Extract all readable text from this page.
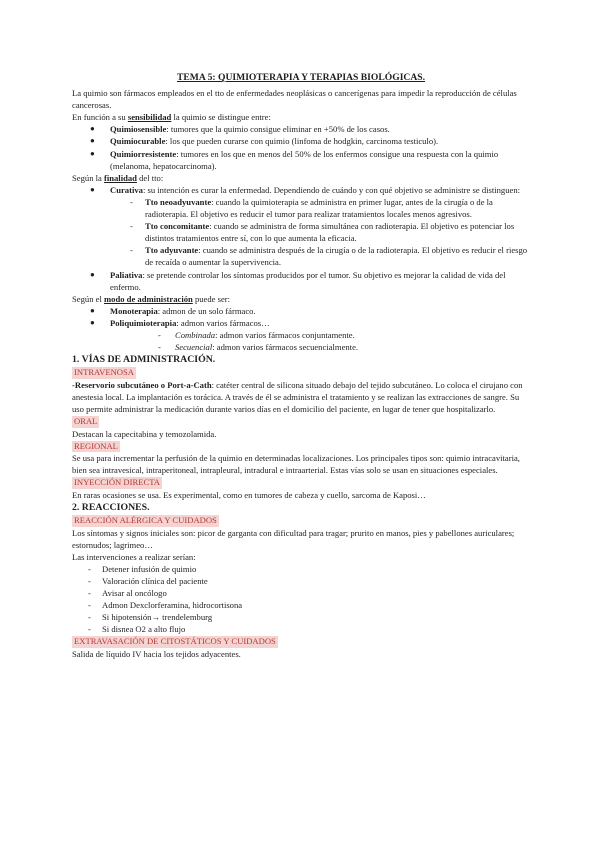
TEMA 5: QUIMIOTERAPIA Y TERAPIAS BIOLÓGICAS.

La quimio son fármacos empleados en el tto de enfermedades neoplásicas o cancerígenas para impedir la reproducción de células cancerosas.

En función a su sensibilidad la quimio se distingue entre:

● Quimiosensible: tumores que la quimio consigue eliminar en +50% de los casos.
● Quimiocurable: los que pueden curarse con quimio (linfoma de hodgkin, carcinoma testiculo).
● Quimiorresistente: tumores en los que en menos del 50% de los enfermos consigue una respuesta con la quimio (melanoma, hepatocarcinoma).

Según la finalidad del tto:

● Curativa: su intención es curar la enfermedad. Dependiendo de cuándo y con qué objetivo se administre se distinguen:
- Tto neoadyuvante: cuando la quimioterapia se administra en primer lugar, antes de la cirugía o de la radioterapia. El objetivo es reducir el tumor para realizar tratamientos locales menos agresivos.
- Tto concomitante: cuando se administra de forma simultánea con radioterapia. El objetivo es potenciar los distintos tratamientos entre sí, con lo que aumenta la eficacia.
- Tto adyuvante: cuando se administra después de la cirugía o de la radioterapia. El objetivo es reducir el riesgo de recaída o aumentar la supervivencia.
● Paliativa: se pretende controlar los síntomas producidos por el tumor. Su objetivo es mejorar la calidad de vida del enfermo.

Según el modo de administración puede ser:

● Monoterapia: admon de un solo fármaco.
● Poliquimioterapia: admon varios fármacos…
- Combinada: admon varios fármacos conjuntamente.
- Secuencial: admon varios fármacos secuencialmente.
1. VÍAS DE ADMINISTRACIÓN.
INTRAVENOSA

-Reservorio subcutáneo o Port-a-Cath: catéter central de silicona situado debajo del tejido subcutáneo. Lo coloca el cirujano con anestesia local. La implantación es torácica. A través de él se administra el tratamiento y se realizan las extracciones de sangre. Su uso permite administrar la medicación durante varios días en el domicilio del paciente, en lugar de tener que hospitalizarlo.

ORAL

Destacan la capecitabina y temozolamida.

REGIONAL

Se usa para incrementar la perfusión de la quimio en determinadas localizaciones. Los principales tipos son: quimio intracavitaria, bien sea intravesical, intraperitoneal, intrapleural, intradural e intraarterial. Estas vías solo se usan en situaciones especiales.

INYECCIÓN DIRECTA

En raras ocasiones se usa. Es experimental, como en tumores de cabeza y cuello, sarcoma de Kaposi…

2. REACCIONES.
REACCIÓN ALÉRGICA Y CUIDADOS

Los síntomas y signos iniciales son: picor de garganta con dificultad para tragar; prurito en manos, pies y pabellones auriculares; estornudos; lagrimeo…

Las intervenciones a realizar serían:

- Detener infusión de quimio
- Valoración clínica del paciente
- Avisar al oncólogo
- Admon Dexclorferamina, hidrocortisona
- Si hipotensión→ trendelemburg
- Si disnea O2 a alto flujo
EXTRAVASACIÓN DE CITOSTÁTICOS Y CUIDADOS

Salida de líquido IV hacia los tejidos adyacentes.
